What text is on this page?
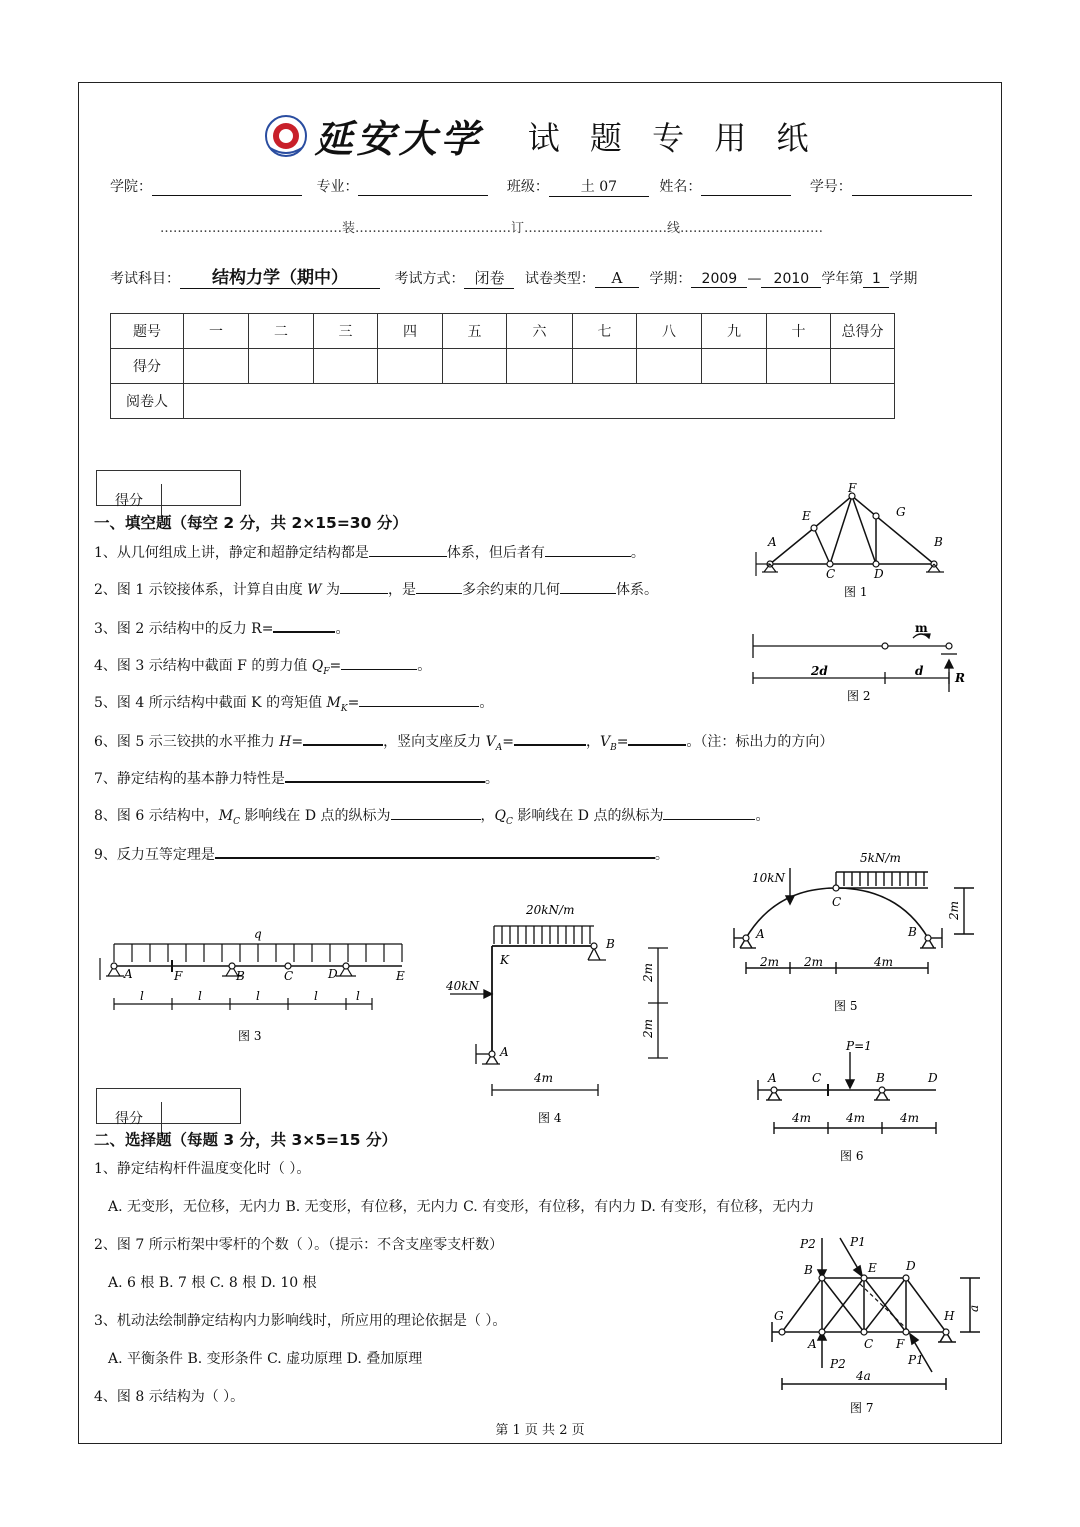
延安大学 试 题 专 用 纸
学院：	专业：	班级： 土 07	姓名：	学号：
……………………………………装………………………………订……………………………线……………………………
考试科目： 结构力学（期中）	考试方式： 闭卷 试卷类型： A 学期： 2009 — 2010 学年第 1 学期
题号	一	二	三	四	五	六	七	八	九	十	总得分
得分											
阅卷人											
得分
一、填空题（每空 2 分，共 2×15=30 分）
1、从几何组成上讲，静定和超静定结构都是	体系，但后者有	。
2、图 1 示铰接体系，计算自由度 W 为	，是	多余约束的几何	体系。
3、图 2 示结构中的反力 R=	。
4、图 3 示结构中截面 F 的剪力值 $Q_F=$	。
5、图 4 所示结构中截面 K 的弯矩值 $M_K=$	。
6、图 5 示三铰拱的水平推力 H=	，竖向支座反力 $V_A=$	，$V_B=$	。（注：标出力的方向）
7、静定结构的基本静力特性是	。
8、图 6 示结构中，$M_C$ 影响线在 D 点的纵标为	，$Q_C$ 影响线在 D 点的纵标为	。
9、反力互等定理是	。
得分
二、选择题（每题 3 分，共 3×5=15 分）
1、静定结构杆件温度变化时（ ）。
A. 无变形，无位移，无内力 B. 无变形，有位移，无内力 C. 有变形，有位移，有内力 D. 有变形，有位移，无内力
2、图 7 所示桁架中零杆的个数（ ）。（提示：不含支座零支杆数）
A. 6 根 B. 7 根 C. 8 根 D. 10 根
3、机动法绘制静定结构内力影响线时，所应用的理论依据是（ ）。
A. 平衡条件 B. 变形条件 C. 虚功原理 D. 叠加原理
4、图 8 示结构为（ ）。
第 1 页 共 2 页
A	B
C	D
E
F
G
图 1
m
2d	d	R
图 2
q
A	F	B	C	D	E
l	l	l	l	l
图 3
20kN/m
B
K
40kN
A
2m
2m
4m
图 4
5kN/m
10kN
C
A	B
2m
2m 2m	4m
图 5
P=1
A	C	B	D
4m	4m	4m
图 6
P2	P1
B	E D
G
A	C F
H
a
P2	P1
4a
图 7
